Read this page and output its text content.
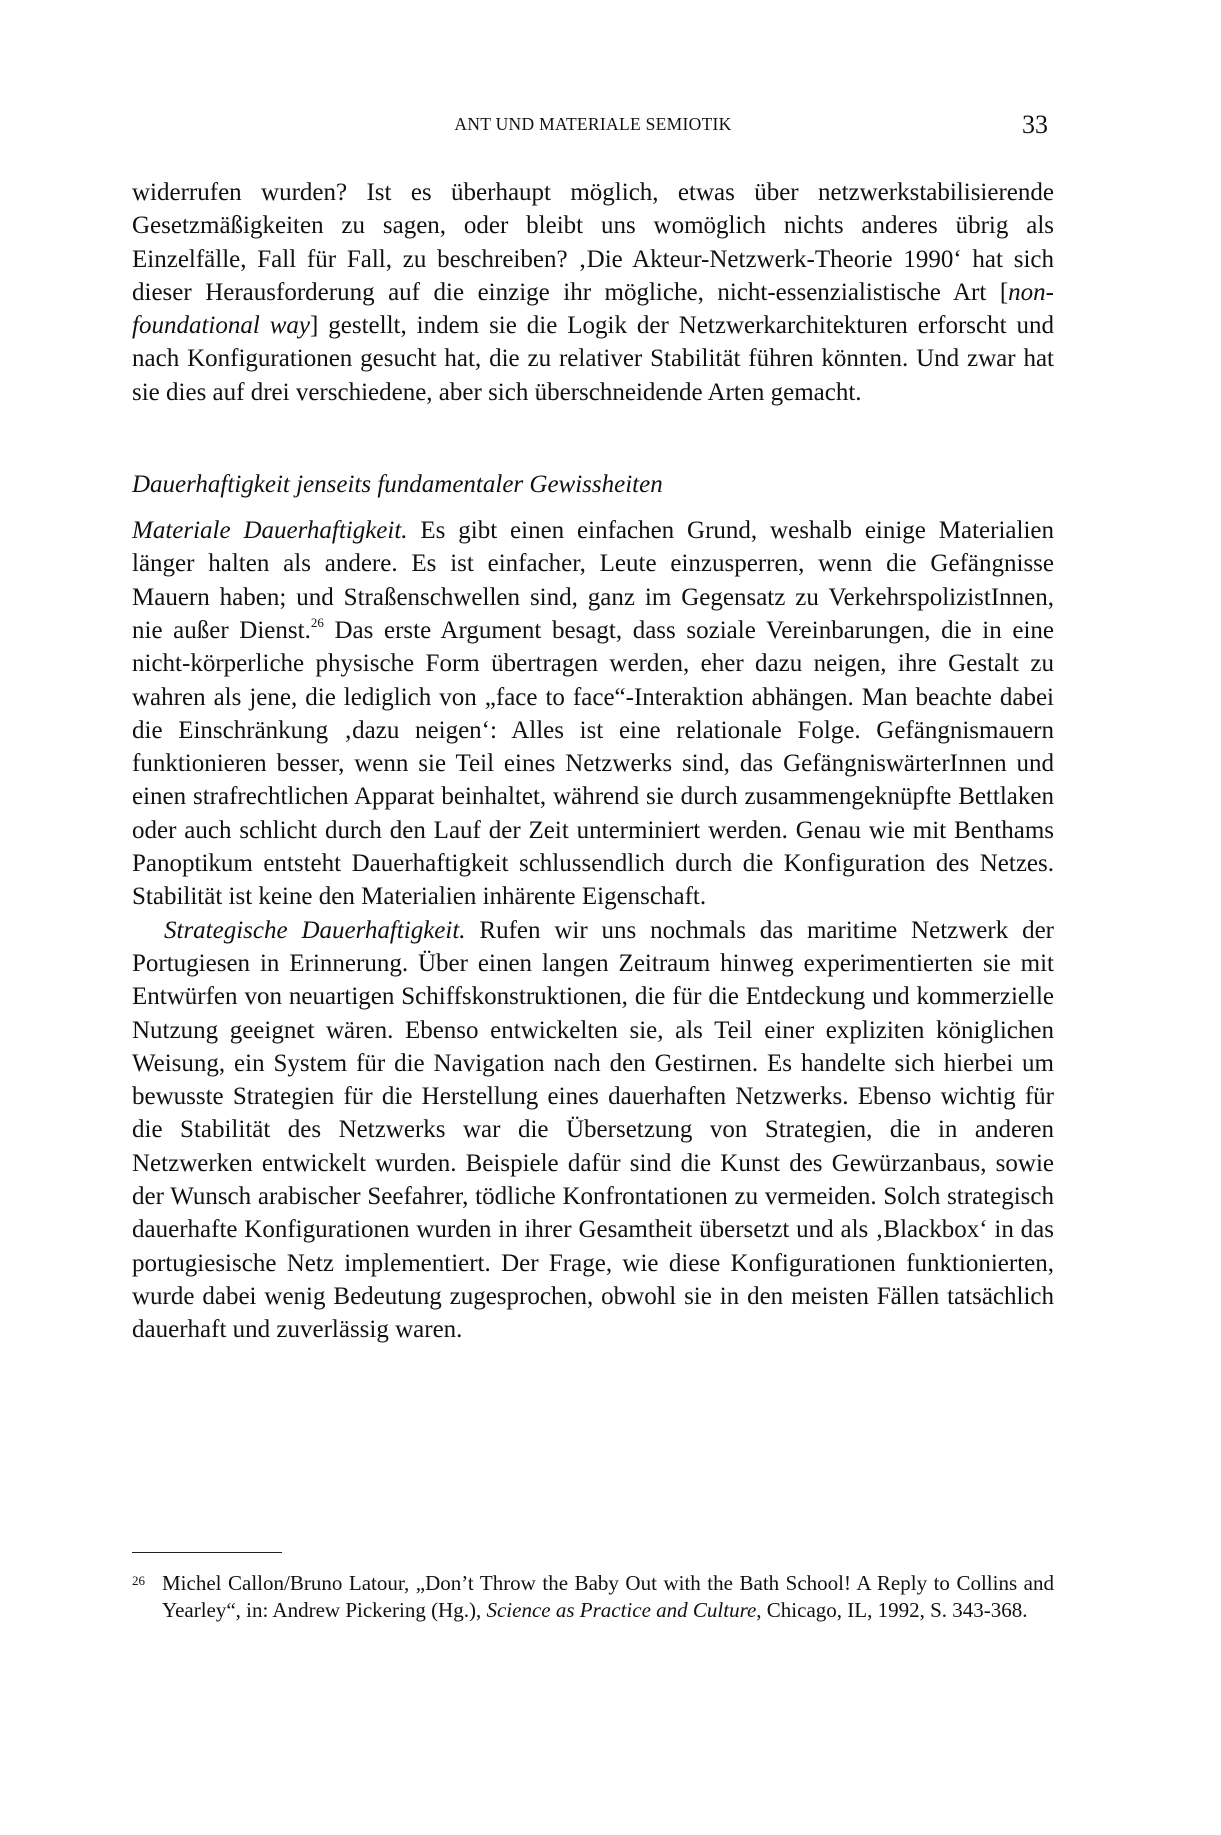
ANT UND MATERIALE SEMIOTIK	33

widerrufen wurden? Ist es überhaupt möglich, etwas über netzwerkstabilisierende Gesetzmäßigkeiten zu sagen, oder bleibt uns womöglich nichts anderes übrig als Einzelfälle, Fall für Fall, zu beschreiben? ‚Die Akteur-Netzwerk-Theorie 1990‘ hat sich dieser Herausforderung auf die einzige ihr mögliche, nicht-essenzialistische Art [non-foundational way] gestellt, indem sie die Logik der Netzwerkarchitekturen erforscht und nach Konfigurationen gesucht hat, die zu relativer Stabilität führen könnten. Und zwar hat sie dies auf drei verschiedene, aber sich überschneidende Arten gemacht.

Dauerhaftigkeit jenseits fundamentaler Gewissheiten

Materiale Dauerhaftigkeit. Es gibt einen einfachen Grund, weshalb einige Materialien länger halten als andere. Es ist einfacher, Leute einzusperren, wenn die Gefängnisse Mauern haben; und Straßenschwellen sind, ganz im Gegensatz zu VerkehrspolizistInnen, nie außer Dienst.$^{26}$ Das erste Argument besagt, dass soziale Vereinbarungen, die in eine nicht-körperliche physische Form übertragen werden, eher dazu neigen, ihre Gestalt zu wahren als jene, die lediglich von „face to face“-Interaktion abhängen. Man beachte dabei die Einschränkung ‚dazu neigen‘: Alles ist eine relationale Folge. Gefängnismauern funktionieren besser, wenn sie Teil eines Netzwerks sind, das GefängniswärterInnen und einen strafrechtlichen Apparat beinhaltet, während sie durch zusammengeknüpfte Bettlaken oder auch schlicht durch den Lauf der Zeit unterminiert werden. Genau wie mit Benthams Panoptikum entsteht Dauerhaftigkeit schlussendlich durch die Konfiguration des Netzes. Stabilität ist keine den Materialien inhärente Eigenschaft.

Strategische Dauerhaftigkeit. Rufen wir uns nochmals das maritime Netzwerk der Portugiesen in Erinnerung. Über einen langen Zeitraum hinweg experimentierten sie mit Entwürfen von neuartigen Schiffskonstruktionen, die für die Entdeckung und kommerzielle Nutzung geeignet wären. Ebenso entwickelten sie, als Teil einer expliziten königlichen Weisung, ein System für die Navigation nach den Gestirnen. Es handelte sich hierbei um bewusste Strategien für die Herstellung eines dauerhaften Netzwerks. Ebenso wichtig für die Stabilität des Netzwerks war die Übersetzung von Strategien, die in anderen Netzwerken entwickelt wurden. Beispiele dafür sind die Kunst des Gewürzanbaus, sowie der Wunsch arabischer Seefahrer, tödliche Konfrontationen zu vermeiden. Solch strategisch dauerhafte Konfigurationen wurden in ihrer Gesamtheit übersetzt und als ‚Blackbox‘ in das portugiesische Netz implementiert. Der Frage, wie diese Konfigurationen funktionierten, wurde dabei wenig Bedeutung zugesprochen, obwohl sie in den meisten Fällen tatsächlich dauerhaft und zuverlässig waren.

26 Michel Callon/Bruno Latour, „Don’t Throw the Baby Out with the Bath School! A Reply to Collins and Yearley“, in: Andrew Pickering (Hg.), Science as Practice and Culture, Chicago, IL, 1992, S. 343-368.
